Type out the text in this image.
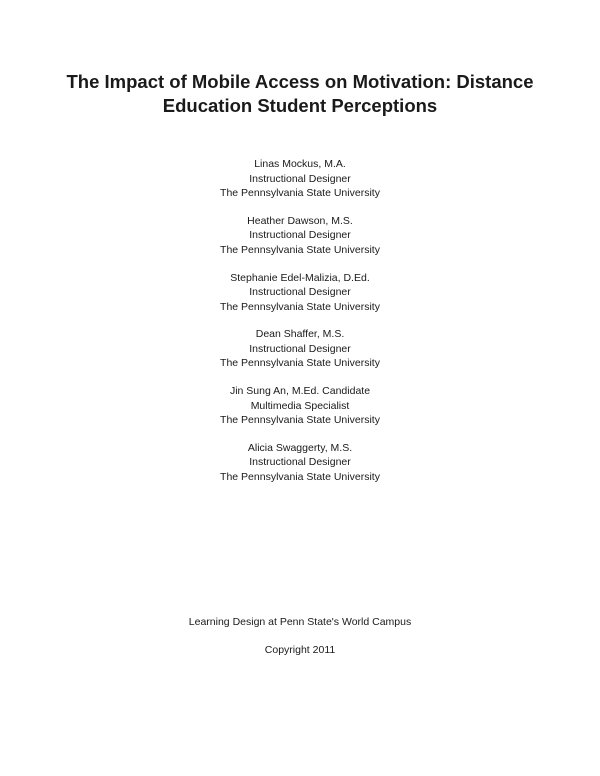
The Impact of Mobile Access on Motivation: Distance
Education Student Perceptions
Linas Mockus, M.A.
Instructional Designer
The Pennsylvania State University
Heather Dawson, M.S.
Instructional Designer
The Pennsylvania State University
Stephanie Edel-Malizia, D.Ed.
Instructional Designer
The Pennsylvania State University
Dean Shaffer, M.S.
Instructional Designer
The Pennsylvania State University
Jin Sung An, M.Ed. Candidate
Multimedia Specialist
The Pennsylvania State University
Alicia Swaggerty, M.S.
Instructional Designer
The Pennsylvania State University
Learning Design at Penn State's World Campus
Copyright 2011
